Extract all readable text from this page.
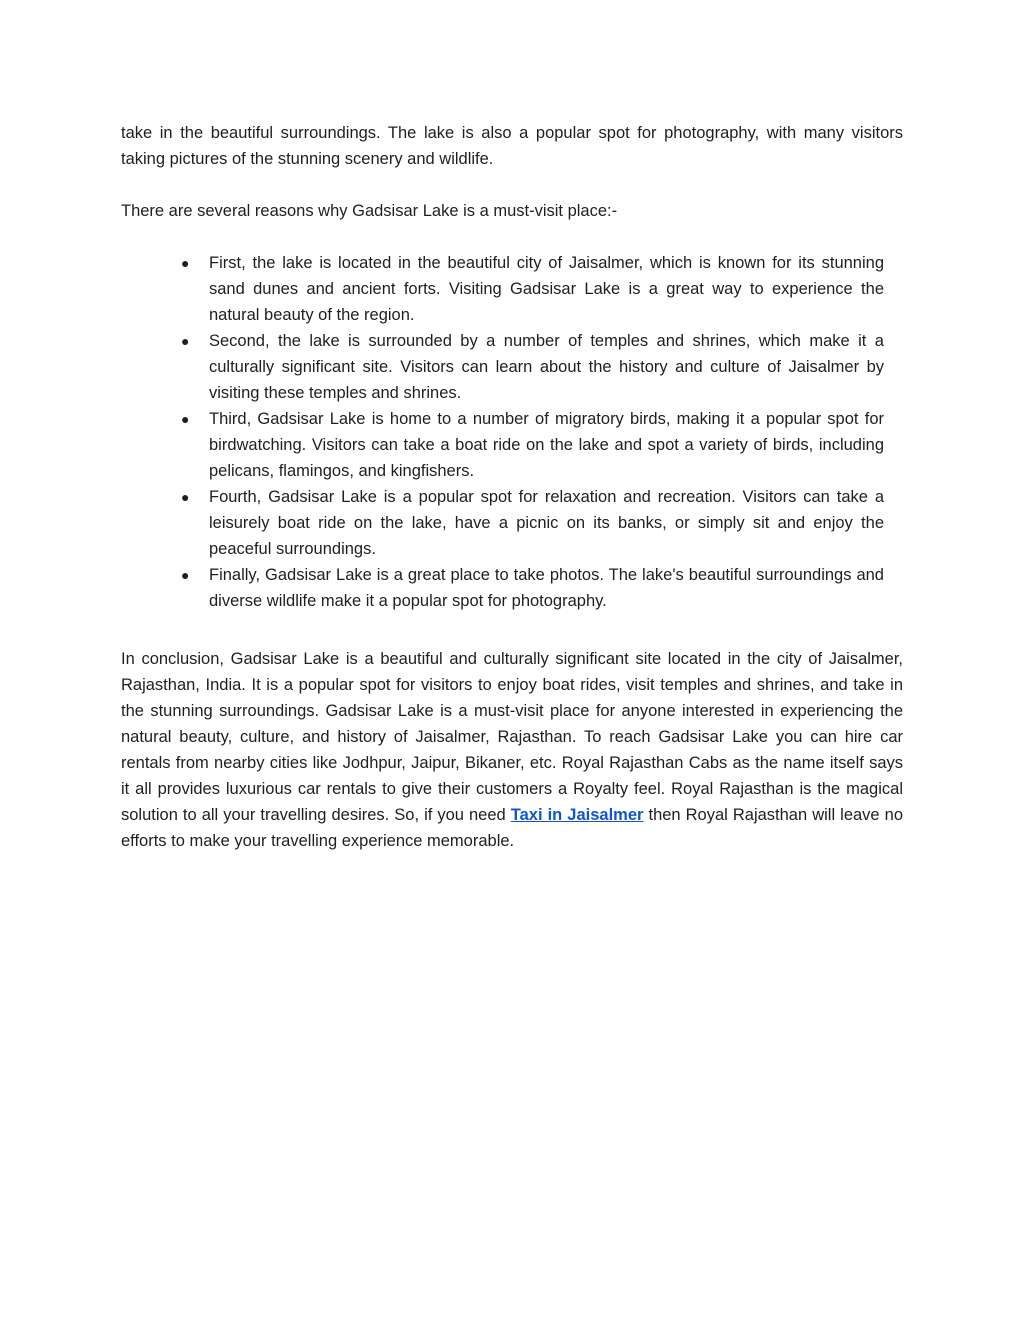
take in the beautiful surroundings. The lake is also a popular spot for photography, with many visitors taking pictures of the stunning scenery and wildlife.

There are several reasons why Gadsisar Lake is a must-visit place:-

● First, the lake is located in the beautiful city of Jaisalmer, which is known for its stunning sand dunes and ancient forts. Visiting Gadsisar Lake is a great way to experience the natural beauty of the region.
● Second, the lake is surrounded by a number of temples and shrines, which make it a culturally significant site. Visitors can learn about the history and culture of Jaisalmer by visiting these temples and shrines.
● Third, Gadsisar Lake is home to a number of migratory birds, making it a popular spot for birdwatching. Visitors can take a boat ride on the lake and spot a variety of birds, including pelicans, flamingos, and kingfishers.
● Fourth, Gadsisar Lake is a popular spot for relaxation and recreation. Visitors can take a leisurely boat ride on the lake, have a picnic on its banks, or simply sit and enjoy the peaceful surroundings.
● Finally, Gadsisar Lake is a great place to take photos. The lake's beautiful surroundings and diverse wildlife make it a popular spot for photography.

In conclusion, Gadsisar Lake is a beautiful and culturally significant site located in the city of Jaisalmer, Rajasthan, India. It is a popular spot for visitors to enjoy boat rides, visit temples and shrines, and take in the stunning surroundings. Gadsisar Lake is a must-visit place for anyone interested in experiencing the natural beauty, culture, and history of Jaisalmer, Rajasthan. To reach Gadsisar Lake you can hire car rentals from nearby cities like Jodhpur, Jaipur, Bikaner, etc. Royal Rajasthan Cabs as the name itself says it all provides luxurious car rentals to give their customers a Royalty feel. Royal Rajasthan is the magical solution to all your travelling desires. So, if you need Taxi in Jaisalmer then Royal Rajasthan will leave no efforts to make your travelling experience memorable.
